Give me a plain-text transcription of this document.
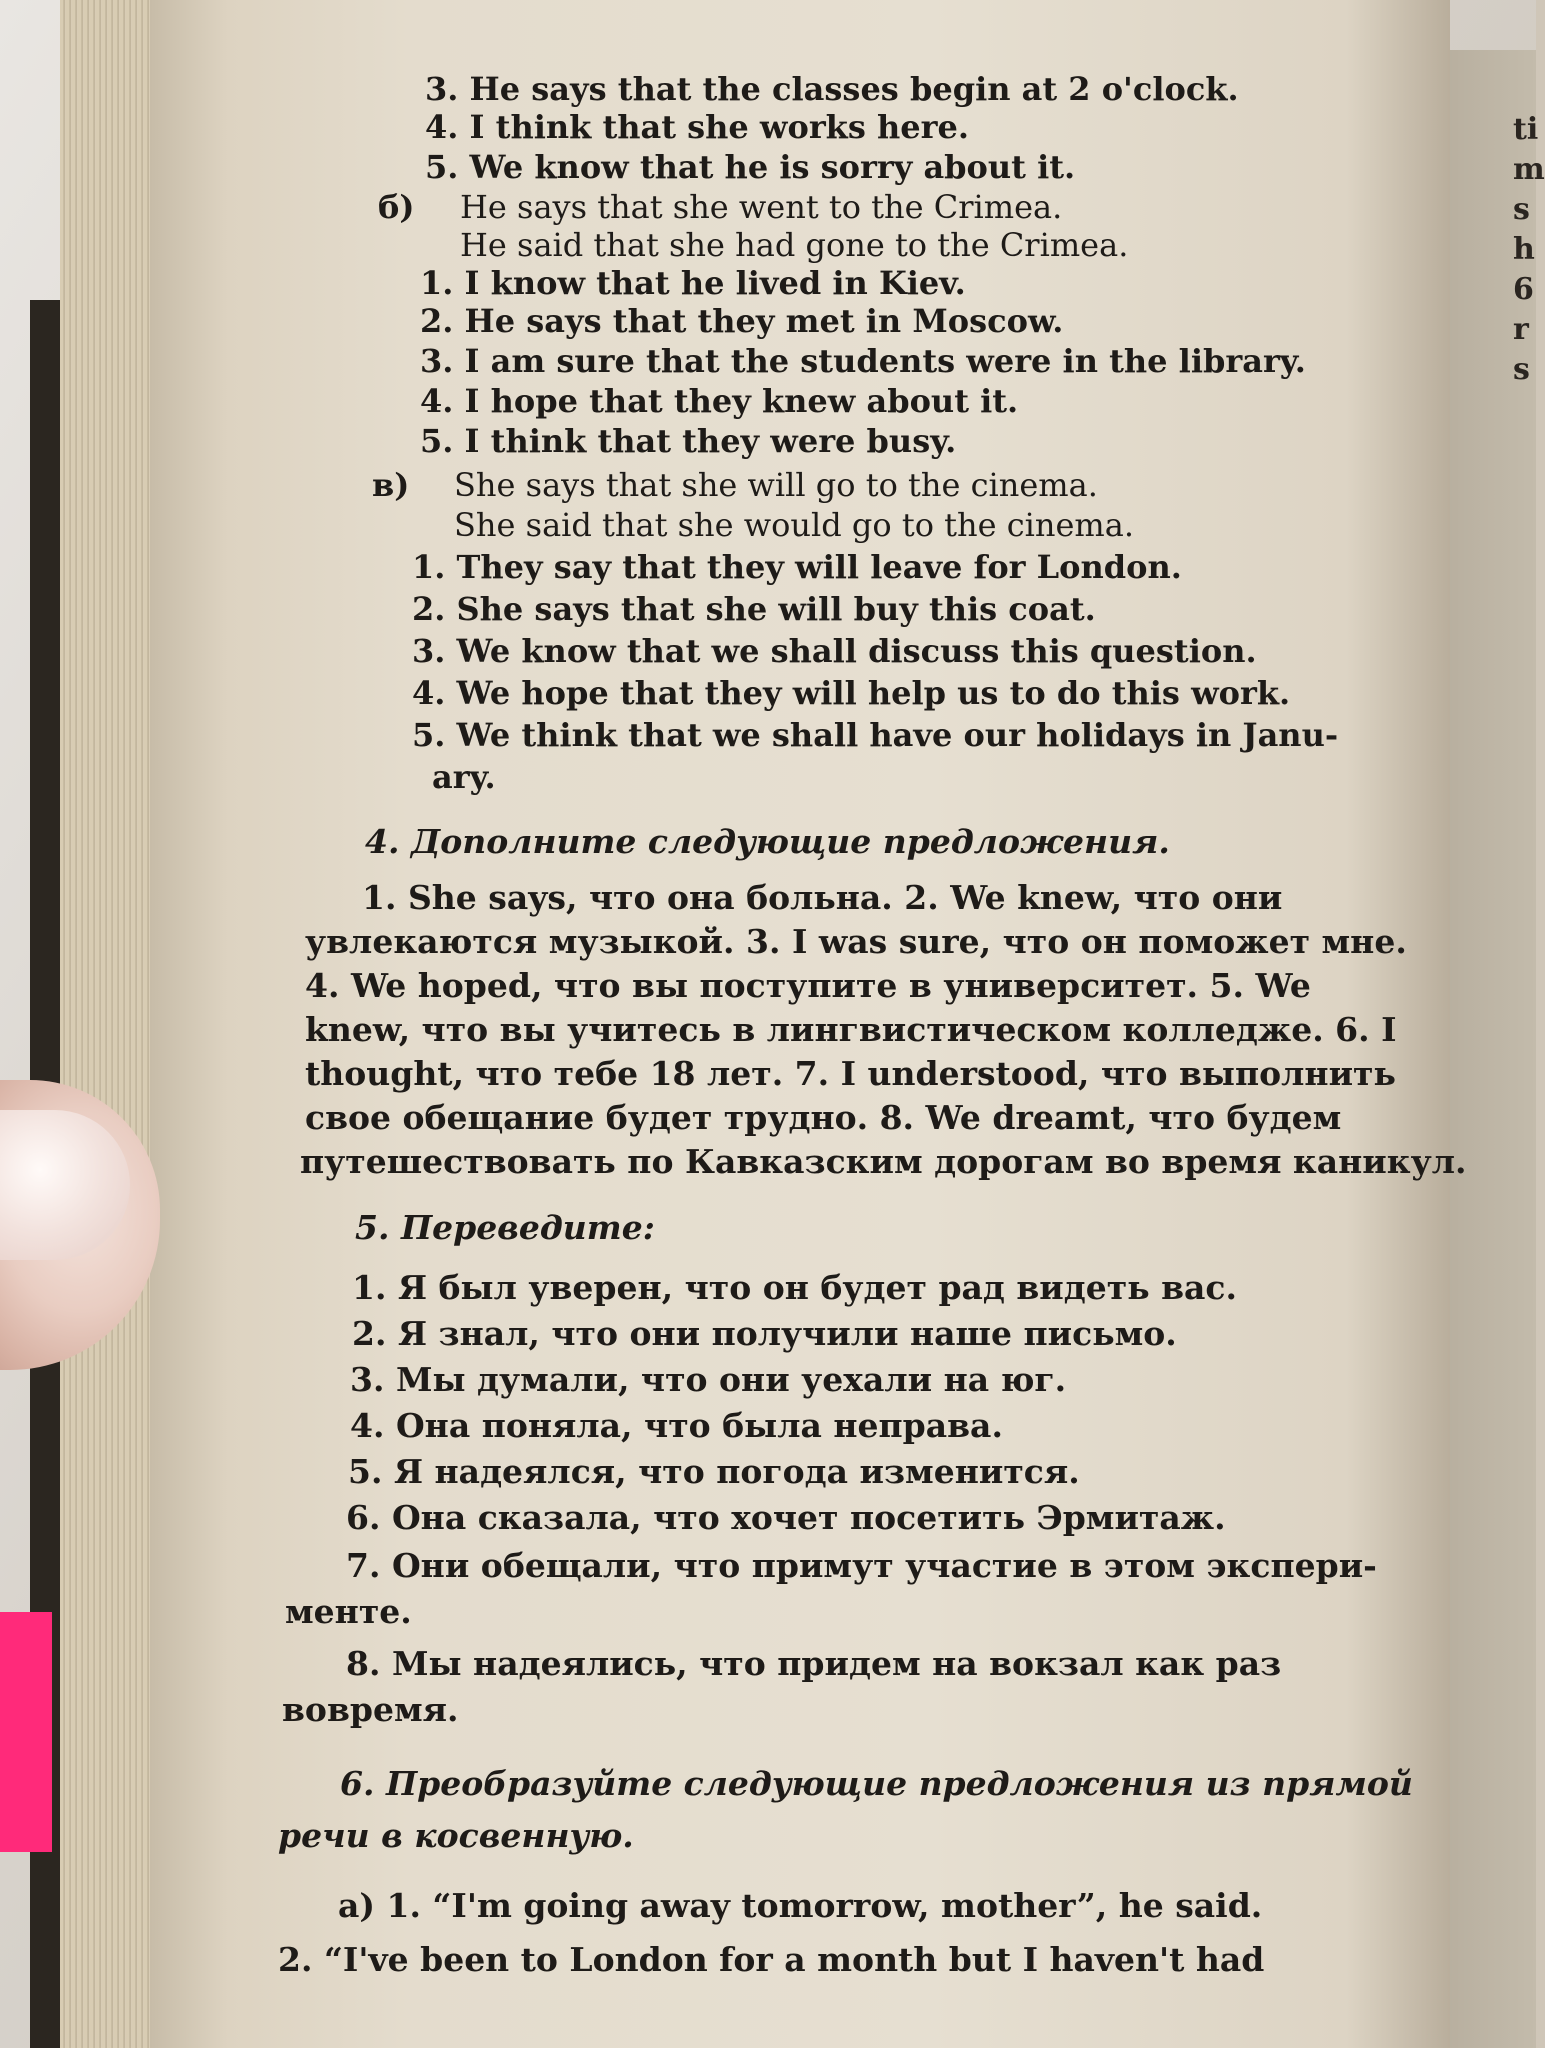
ti
m
s
h
6
r
s
3. He says that the classes begin at 2 o'clock.
4. I think that she works here.
5. We know that he is sorry about it.
б) He says that she went to the Crimea.
He said that she had gone to the Crimea.
1. I know that he lived in Kiev.
2. He says that they met in Moscow.
3. I am sure that the students were in the library.
4. I hope that they knew about it.
5. I think that they were busy.
в) She says that she will go to the cinema.
She said that she would go to the cinema.
1. They say that they will leave for London.
2. She says that she will buy this coat.
3. We know that we shall discuss this question.
4. We hope that they will help us to do this work.
5. We think that we shall have our holidays in Janu-
ary.
4. Дополните следующие предложения.
1. She says, что она больна. 2. We knew, что они
увлекаются музыкой. 3. I was sure, что он поможет мне.
4. We hoped, что вы поступите в университет. 5. We
knew, что вы учитесь в лингвистическом колледже. 6. I
thought, что тебе 18 лет. 7. I understood, что выполнить
свое обещание будет трудно. 8. We dreamt, что будем
путешествовать по Кавказским дорогам во время каникул.
5. Переведите:
1. Я был уверен, что он будет рад видеть вас.
2. Я знал, что они получили наше письмо.
3. Мы думали, что они уехали на юг.
4. Она поняла, что была неправа.
5. Я надеялся, что погода изменится.
6. Она сказала, что хочет посетить Эрмитаж.
7. Они обещали, что примут участие в этом экспери-
менте.
8. Мы надеялись, что придем на вокзал как раз
вовремя.
6. Преобразуйте следующие предложения из прямой
речи в косвенную.
а) 1. “I'm going away tomorrow, mother”, he said.
2. “I've been to London for a month but I haven't had
